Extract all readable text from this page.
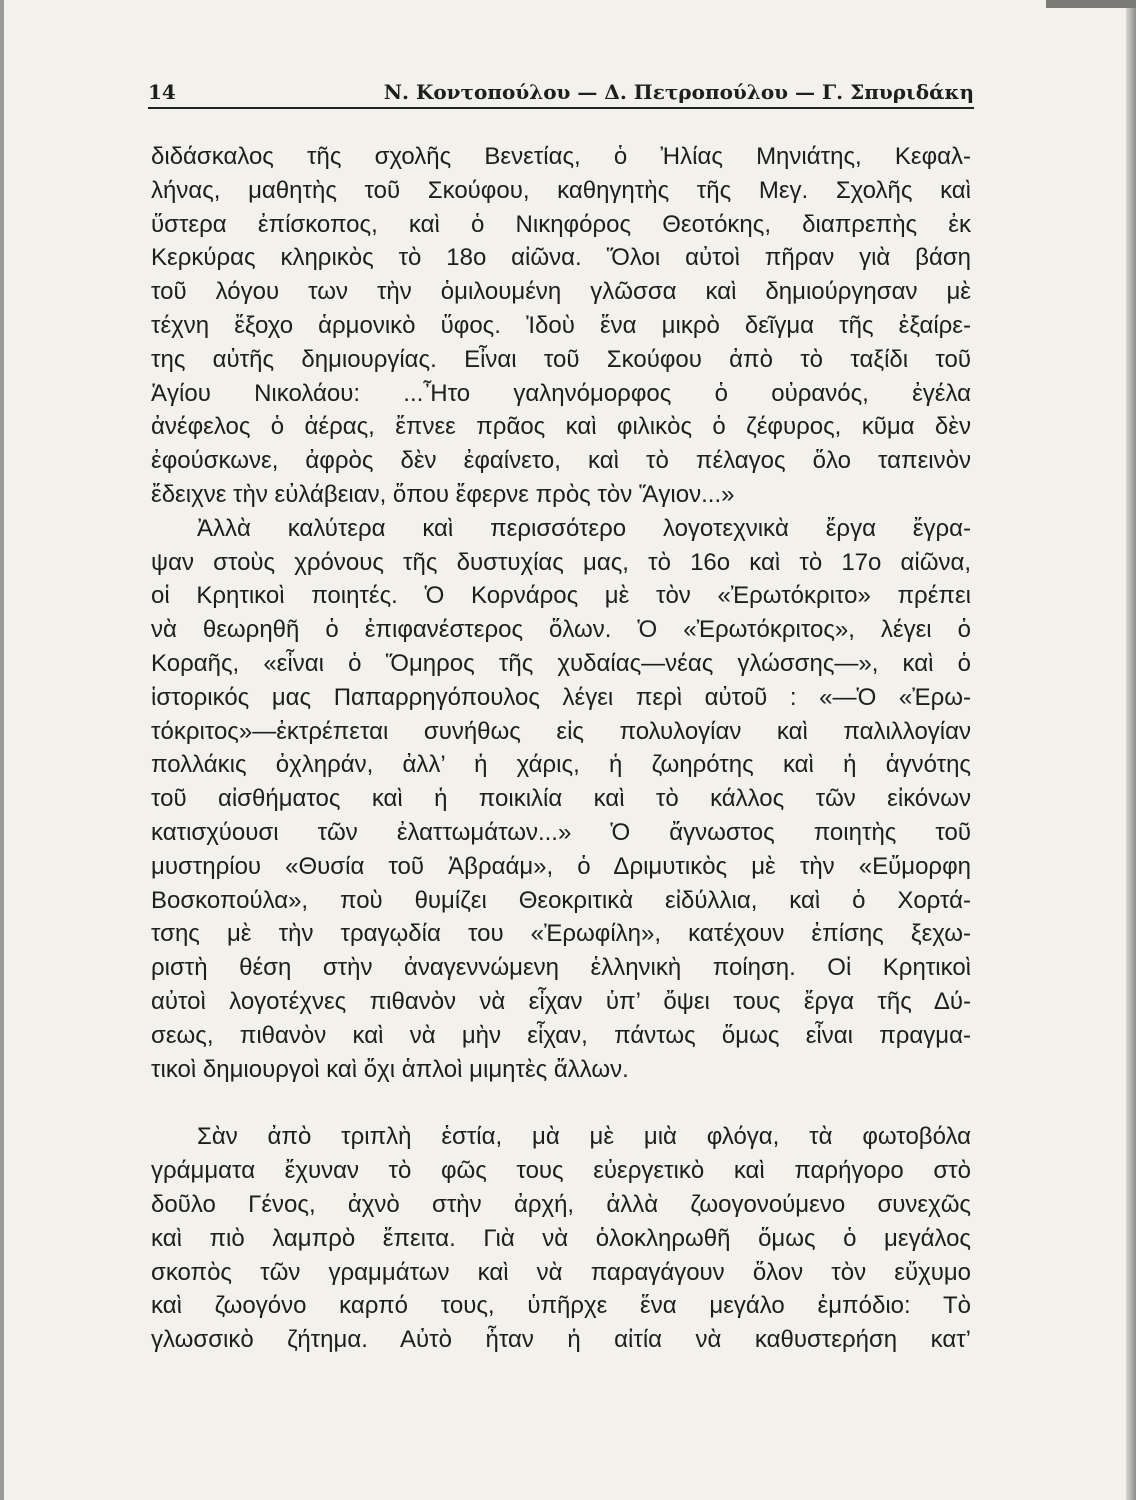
14	Ν. Κοντοπούλου — Δ. Πετροπούλου — Γ. Σπυριδάκη
διδάσκαλος τῆς σχολῆς Βενετίας, ὁ Ἠλίας Μηνιάτης, Κεφαλ-
λήνας, μαθητὴς τοῦ Σκούφου, καθηγητὴς τῆς Μεγ. Σχολῆς καὶ
ὕστερα ἐπίσκοπος, καὶ ὁ Νικηφόρος Θεοτόκης, διαπρεπὴς ἐκ
Κερκύρας κληρικὸς τὸ 18ο αἰῶνα. Ὅλοι αὐτοὶ πῆραν γιὰ βάση
τοῦ λόγου των τὴν ὁμιλουμένη γλῶσσα καὶ δημιούργησαν μὲ
τέχνη ἔξοχο ἁρμονικὸ ὕφος. Ἰδοὺ ἕνα μικρὸ δεῖγμα τῆς ἐξαίρε-
της αὐτῆς δημιουργίας. Εἶναι τοῦ Σκούφου ἀπὸ τὸ ταξίδι τοῦ
Ἁγίου Νικολάου: ...Ἦτο γαληνόμορφος ὁ οὐρανός, ἐγέλα
ἀνέφελος ὁ ἀέρας, ἔπνεε πρᾶος καὶ φιλικὸς ὁ ζέφυρος, κῦμα δὲν
ἐφούσκωνε, ἀφρὸς δὲν ἐφαίνετο, καὶ τὸ πέλαγος ὅλο ταπεινὸν
ἔδειχνε τὴν εὐλάβειαν, ὅπου ἔφερνε πρὸς τὸν Ἅγιον...»
Ἀλλὰ καλύτερα καὶ περισσότερο λογοτεχνικὰ ἔργα ἔγρα-
ψαν στοὺς χρόνους τῆς δυστυχίας μας, τὸ 16ο καὶ τὸ 17ο αἰῶνα,
οἱ Κρητικοὶ ποιητές. Ὁ Κορνάρος μὲ τὸν «Ἐρωτόκριτο» πρέπει
νὰ θεωρηθῆ ὁ ἐπιφανέστερος ὅλων. Ὁ «Ἐρωτόκριτος», λέγει ὁ
Κοραῆς, «εἶναι ὁ Ὅμηρος τῆς χυδαίας—νέας γλώσσης—», καὶ ὁ
ἱστορικός μας Παπαρρηγόπουλος λέγει περὶ αὐτοῦ : «—Ὁ «Ἐρω-
τόκριτος»—ἐκτρέπεται συνήθως εἰς πολυλογίαν καὶ παλιλλογίαν
πολλάκις ὀχληράν, ἀλλ’ ἡ χάρις, ἡ ζωηρότης καὶ ἡ ἁγνότης
τοῦ αἰσθήματος καὶ ἡ ποικιλία καὶ τὸ κάλλος τῶν εἰκόνων
κατισχύουσι τῶν ἐλαττωμάτων...» Ὁ ἄγνωστος ποιητὴς τοῦ
μυστηρίου «Θυσία τοῦ Ἀβραάμ», ὁ Δριμυτικὸς μὲ τὴν «Εὔμορφη
Βοσκοπούλα», ποὺ θυμίζει Θεοκριτικὰ εἰδύλλια, καὶ ὁ Χορτά-
τσης μὲ τὴν τραγῳδία του «Ἐρωφίλη», κατέχουν ἐπίσης ξεχω-
ριστὴ θέση στὴν ἀναγεννώμενη ἑλληνικὴ ποίηση. Οἱ Κρητικοὶ
αὐτοὶ λογοτέχνες πιθανὸν νὰ εἶχαν ὑπ’ ὄψει τους ἔργα τῆς Δύ-
σεως, πιθανὸν καὶ νὰ μὴν εἶχαν, πάντως ὅμως εἶναι πραγμα-
τικοὶ δημιουργοὶ καὶ ὄχι ἁπλοὶ μιμητὲς ἄλλων.
Σὰν ἀπὸ τριπλὴ ἑστία, μὰ μὲ μιὰ φλόγα, τὰ φωτοβόλα
γράμματα ἔχυναν τὸ φῶς τους εὐεργετικὸ καὶ παρήγορο στὸ
δοῦλο Γένος, ἀχνὸ στὴν ἀρχή, ἀλλὰ ζωογονούμενο συνεχῶς
καὶ πιὸ λαμπρὸ ἔπειτα. Γιὰ νὰ ὁλοκληρωθῆ ὅμως ὁ μεγάλος
σκοπὸς τῶν γραμμάτων καὶ νὰ παραγάγουν ὅλον τὸν εὔχυμο
καὶ ζωογόνο καρπό τους, ὑπῆρχε ἕνα μεγάλο ἐμπόδιο: Τὸ
γλωσσικὸ ζήτημα. Αὐτὸ ἦταν ἡ αἰτία νὰ καθυστερήση κατ’
